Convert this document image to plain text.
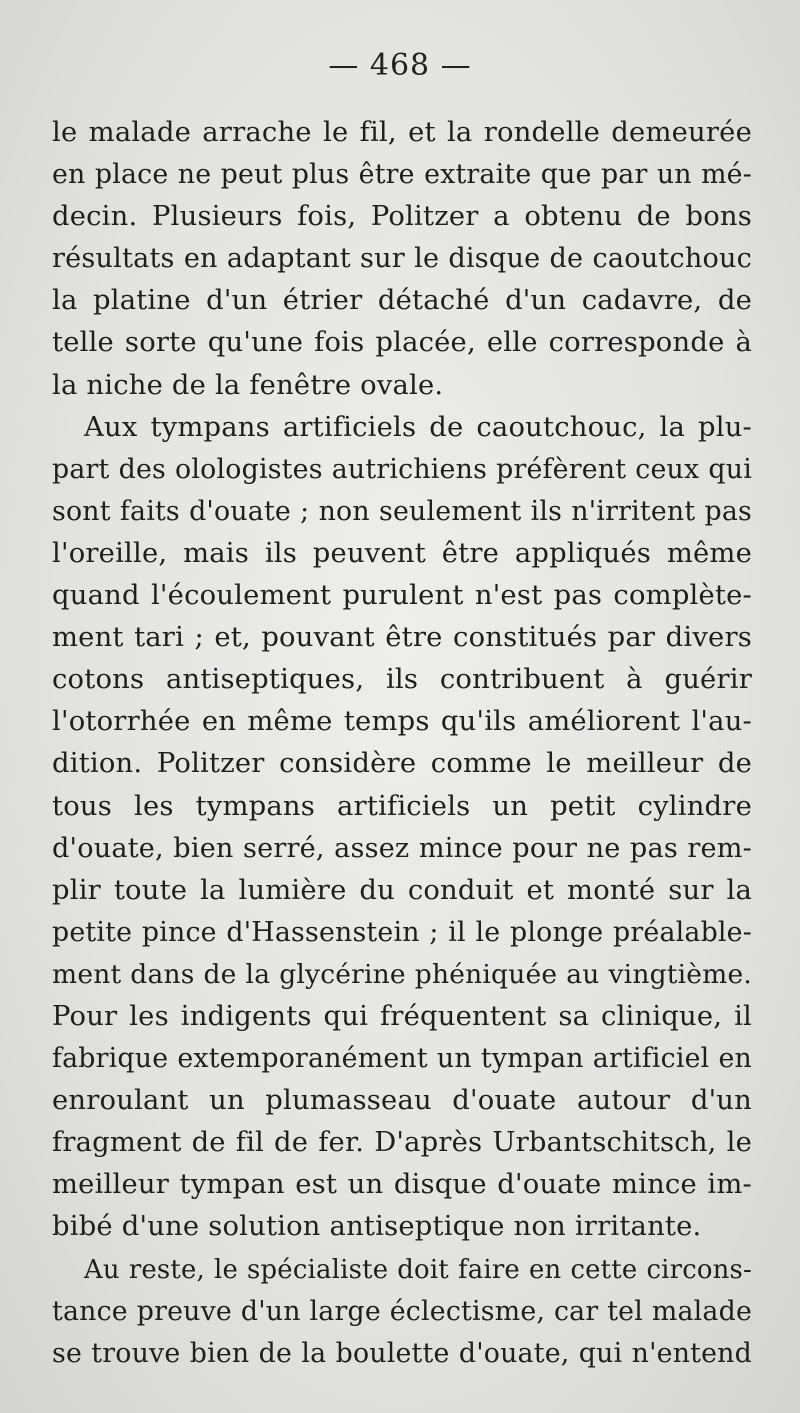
— 468 —
le malade arrache le fil, et la rondelle demeurée
en place ne peut plus être extraite que par un mé-
decin. Plusieurs fois, Politzer a obtenu de bons
résultats en adaptant sur le disque de caoutchouc
la platine d'un étrier détaché d'un cadavre, de
telle sorte qu'une fois placée, elle corresponde à
la niche de la fenêtre ovale.
Aux tympans artificiels de caoutchouc, la plu-
part des olologistes autrichiens préfèrent ceux qui
sont faits d'ouate ; non seulement ils n'irritent pas
l'oreille, mais ils peuvent être appliqués même
quand l'écoulement purulent n'est pas complète-
ment tari ; et, pouvant être constitués par divers
cotons antiseptiques, ils contribuent à guérir
l'otorrhée en même temps qu'ils améliorent l'au-
dition. Politzer considère comme le meilleur de
tous les tympans artificiels un petit cylindre
d'ouate, bien serré, assez mince pour ne pas rem-
plir toute la lumière du conduit et monté sur la
petite pince d'Hassenstein ; il le plonge préalable-
ment dans de la glycérine phéniquée au vingtième.
Pour les indigents qui fréquentent sa clinique, il
fabrique extemporanément un tympan artificiel en
enroulant un plumasseau d'ouate autour d'un
fragment de fil de fer. D'après Urbantschitsch, le
meilleur tympan est un disque d'ouate mince im-
bibé d'une solution antiseptique non irritante.
Au reste, le spécialiste doit faire en cette circons-
tance preuve d'un large éclectisme, car tel malade
se trouve bien de la boulette d'ouate, qui n'entend
